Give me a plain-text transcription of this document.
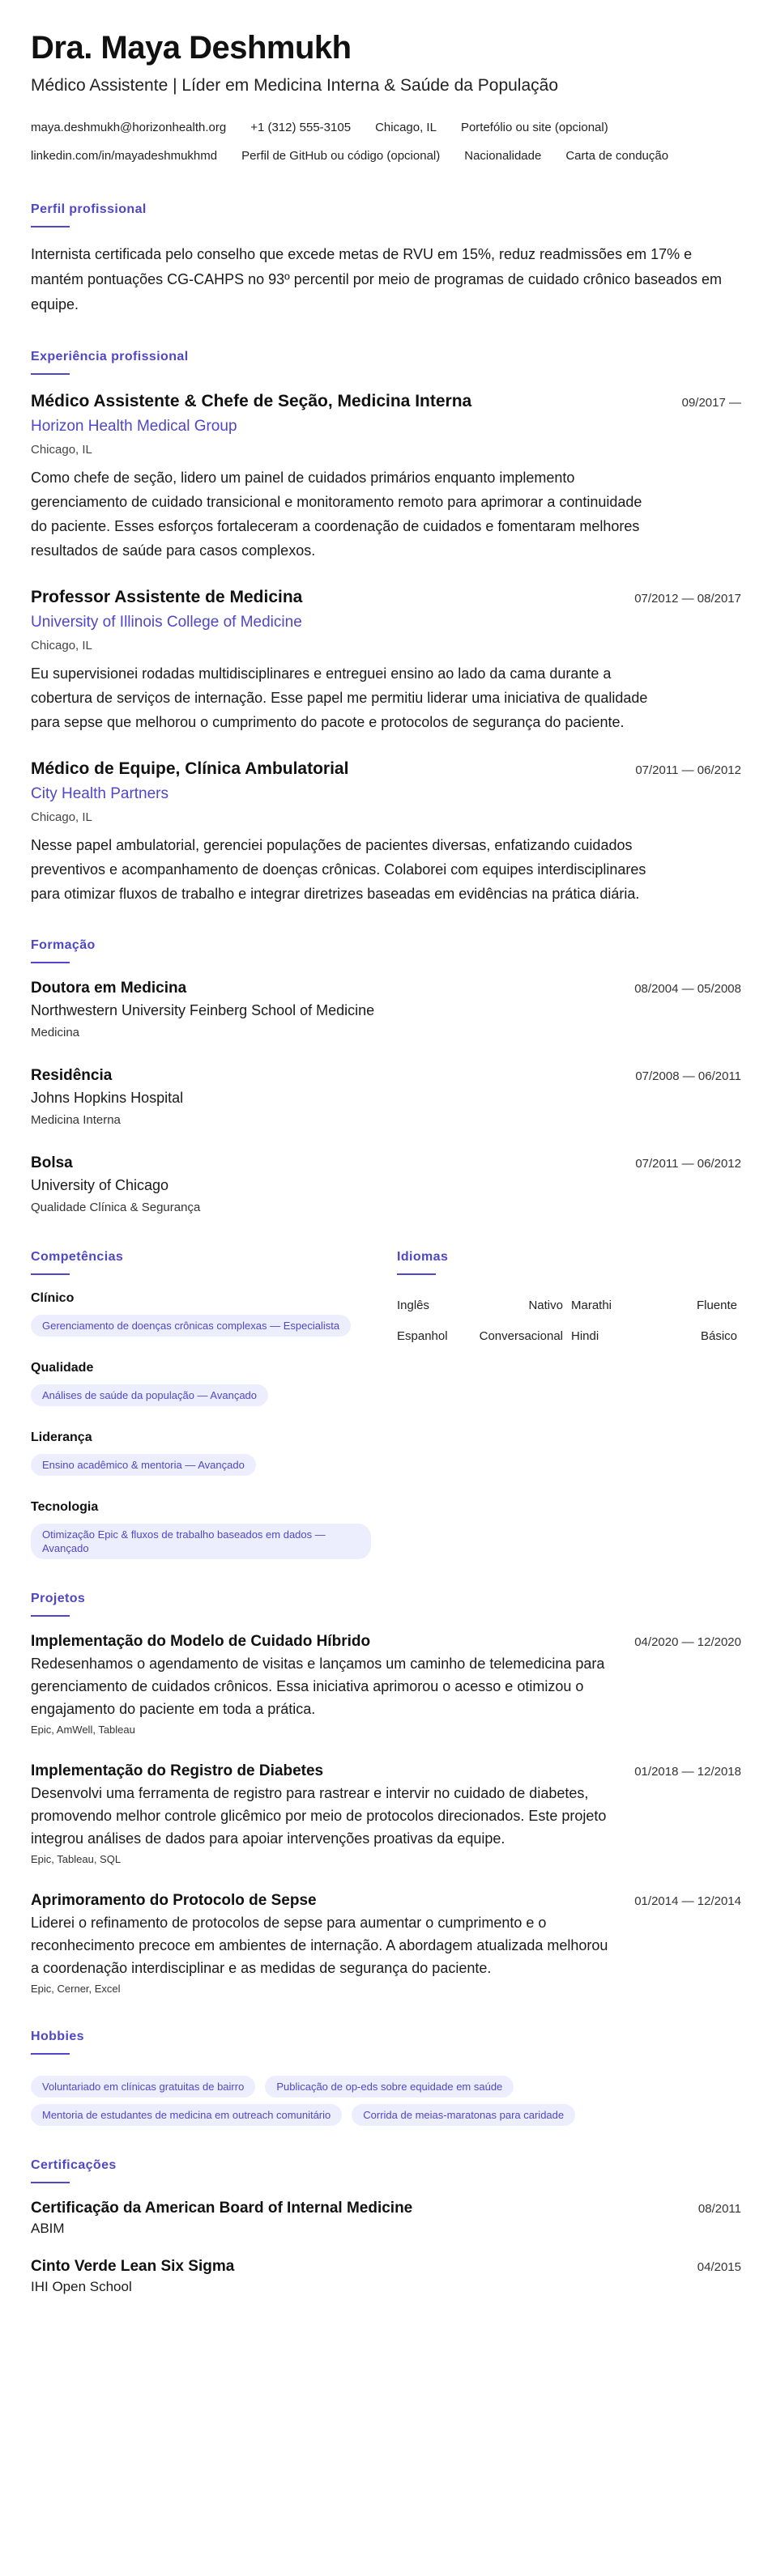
Dra. Maya Deshmukh
Médico Assistente | Líder em Medicina Interna & Saúde da População
maya.deshmukh@horizonhealth.org +1 (312) 555-3105 Chicago, IL Portefólio ou site (opcional)
linkedin.com/in/mayadeshmukhmd Perfil de GitHub ou código (opcional) Nacionalidade Carta de condução
Perfil profissional

Internista certificada pelo conselho que excede metas de RVU em 15%, reduz readmissões em 17% e mantém pontuações CG-CAHPS no 93º percentil por meio de programas de cuidado crônico baseados em equipe.

Experiência profissional
Médico Assistente & Chefe de Seção, Medicina Interna	09/2017 —
Horizon Health Medical Group
Chicago, IL

Como chefe de seção, lidero um painel de cuidados primários enquanto implemento gerenciamento de cuidado transicional e monitoramento remoto para aprimorar a continuidade do paciente. Esses esforços fortaleceram a coordenação de cuidados e fomentaram melhores resultados de saúde para casos complexos.

Professor Assistente de Medicina	07/2012 — 08/2017
University of Illinois College of Medicine
Chicago, IL

Eu supervisionei rodadas multidisciplinares e entreguei ensino ao lado da cama durante a cobertura de serviços de internação. Esse papel me permitiu liderar uma iniciativa de qualidade para sepse que melhorou o cumprimento do pacote e protocolos de segurança do paciente.

Médico de Equipe, Clínica Ambulatorial	07/2011 — 06/2012
City Health Partners
Chicago, IL

Nesse papel ambulatorial, gerenciei populações de pacientes diversas, enfatizando cuidados preventivos e acompanhamento de doenças crônicas. Colaborei com equipes interdisciplinares para otimizar fluxos de trabalho e integrar diretrizes baseadas em evidências na prática diária.

Formação
Doutora em Medicina	08/2004 — 05/2008
Northwestern University Feinberg School of Medicine
Medicina
Residência	07/2008 — 06/2011
Johns Hopkins Hospital
Medicina Interna
Bolsa	07/2011 — 06/2012
University of Chicago
Qualidade Clínica & Segurança
Competências
Clínico
Gerenciamento de doenças crônicas complexas — Especialista
Qualidade
Análises de saúde da população — Avançado
Liderança
Ensino acadêmico & mentoria — Avançado
Tecnologia
Otimização Epic & fluxos de trabalho baseados em dados — Avançado
Idiomas
Inglês	Nativo Marathi	Fluente
Espanhol	Conversacional Hindi	Básico
Projetos
Implementação do Modelo de Cuidado Híbrido	04/2020 — 12/2020

Redesenhamos o agendamento de visitas e lançamos um caminho de telemedicina para gerenciamento de cuidados crônicos. Essa iniciativa aprimorou o acesso e otimizou o engajamento do paciente em toda a prática.

Epic, AmWell, Tableau
Implementação do Registro de Diabetes	01/2018 — 12/2018

Desenvolvi uma ferramenta de registro para rastrear e intervir no cuidado de diabetes, promovendo melhor controle glicêmico por meio de protocolos direcionados. Este projeto integrou análises de dados para apoiar intervenções proativas da equipe.

Epic, Tableau, SQL
Aprimoramento do Protocolo de Sepse	01/2014 — 12/2014

Liderei o refinamento de protocolos de sepse para aumentar o cumprimento e o reconhecimento precoce em ambientes de internação. A abordagem atualizada melhorou a coordenação interdisciplinar e as medidas de segurança do paciente.

Epic, Cerner, Excel
Hobbies
Voluntariado em clínicas gratuitas de bairro	Publicação de op-eds sobre equidade em saúde
Mentoria de estudantes de medicina em outreach comunitário	Corrida de meias-maratonas para caridade
Certificações
Certificação da American Board of Internal Medicine	08/2011
ABIM
Cinto Verde Lean Six Sigma	04/2015
IHI Open School
